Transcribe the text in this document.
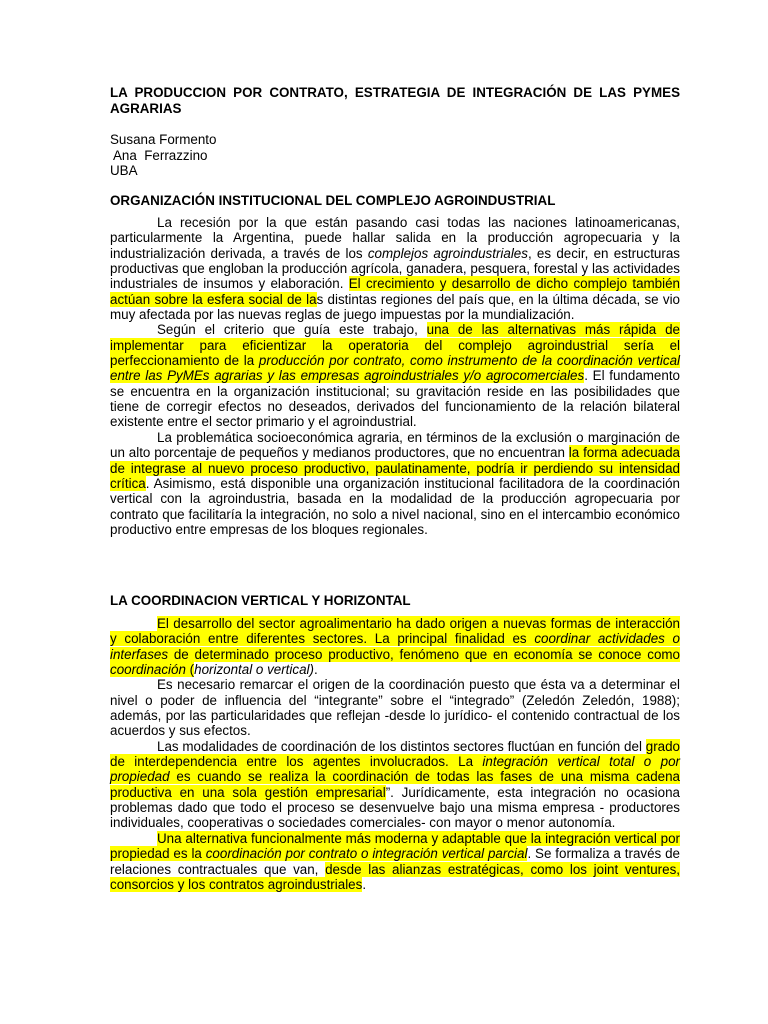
LA PRODUCCION POR CONTRATO, ESTRATEGIA DE INTEGRACIÓN DE LAS PYMES AGRARIAS
Susana Formento
Ana  Ferrazzino
UBA
ORGANIZACIÓN INSTITUCIONAL DEL COMPLEJO AGROINDUSTRIAL

La recesión por la que están pasando casi todas las naciones latinoamericanas, particularmente la Argentina, puede hallar salida en la producción agropecuaria y la industrialización derivada, a través de los complejos agroindustriales, es decir, en estructuras productivas que engloban la producción agrícola, ganadera, pesquera, forestal y las actividades industriales de insumos y elaboración. El crecimiento y desarrollo de dicho complejo también actúan sobre la esfera social de las distintas regiones del país que, en la última década, se vio muy afectada por las nuevas reglas de juego impuestas por la mundialización.

Según el criterio que guía este trabajo, una de las alternativas más rápida de implementar para eficientizar la operatoria del complejo agroindustrial sería el perfeccionamiento de la producción por contrato, como instrumento de la coordinación vertical entre las PyMEs agrarias y las empresas agroindustriales y/o agrocomerciales. El fundamento se encuentra en la organización institucional; su gravitación reside en las posibilidades que tiene de corregir efectos no deseados, derivados del funcionamiento de la relación bilateral existente entre el sector primario y el agroindustrial.

La problemática socioeconómica agraria, en términos de la exclusión o marginación de un alto porcentaje de pequeños y medianos productores, que no encuentran la forma adecuada de integrase al nuevo proceso productivo, paulatinamente, podría ir perdiendo su intensidad crítica. Asimismo, está disponible una organización institucional facilitadora de la coordinación vertical con la agroindustria, basada en la modalidad de la producción agropecuaria por contrato que facilitaría la integración, no solo a nivel nacional, sino en el intercambio económico productivo entre empresas de los bloques regionales.

LA COORDINACION VERTICAL Y HORIZONTAL

El desarrollo del sector agroalimentario ha dado origen a nuevas formas de interacción y colaboración entre diferentes sectores. La principal finalidad es coordinar actividades o interfases de determinado proceso productivo, fenómeno que en economía se conoce como coordinación (horizontal o vertical).

Es necesario remarcar el origen de la coordinación puesto que ésta va a determinar el nivel o poder de influencia del “integrante” sobre el “integrado” (Zeledón Zeledón, 1988); además, por las particularidades que reflejan -desde lo jurídico- el contenido contractual de los acuerdos y sus efectos.

Las modalidades de coordinación de los distintos sectores fluctúan en función del grado de interdependencia entre los agentes involucrados. La integración vertical total o por propiedad es cuando se realiza la coordinación de todas las fases de una misma cadena productiva en una sola gestión empresarial”. Jurídicamente, esta integración no ocasiona problemas dado que todo el proceso se desenvuelve bajo una misma empresa - productores individuales, cooperativas o sociedades comerciales- con mayor o menor autonomía.

Una alternativa funcionalmente más moderna y adaptable que la integración vertical por propiedad es la coordinación por contrato o integración vertical parcial. Se formaliza a través de relaciones contractuales que van, desde las alianzas estratégicas, como los joint ventures, consorcios y los contratos agroindustriales.
